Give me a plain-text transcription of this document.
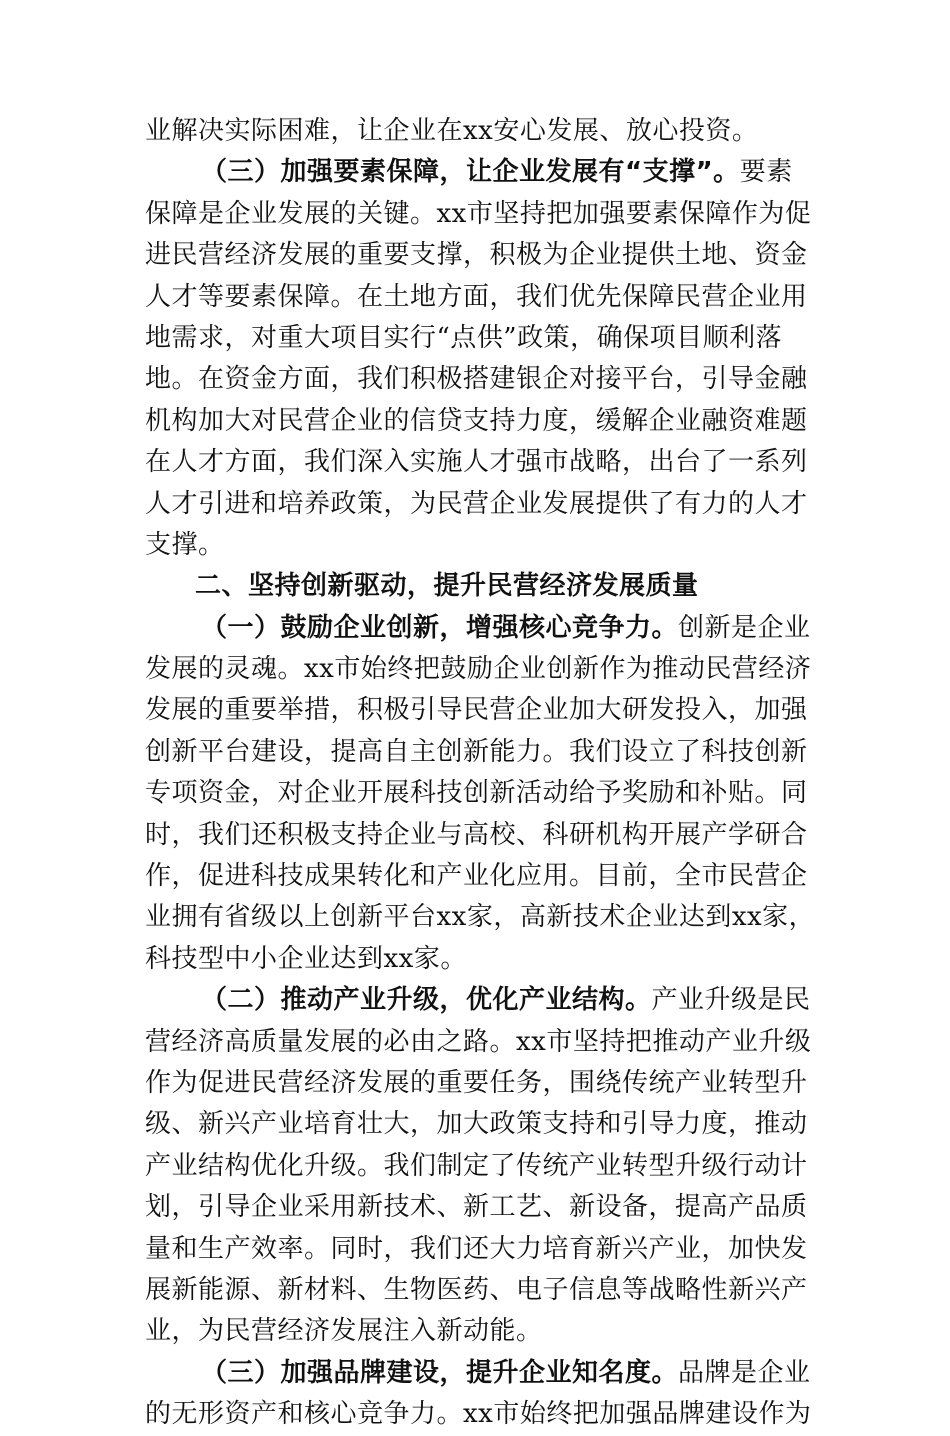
业解决实际困难，让企业在xx安心发展、放心投资。
（三）加强要素保障，让企业发展有“支撑”。要素
保障是企业发展的关键。xx市坚持把加强要素保障作为促
进民营经济发展的重要支撑，积极为企业提供土地、资金
人才等要素保障。在土地方面，我们优先保障民营企业用
地需求，对重大项目实行“点供”政策，确保项目顺利落
地。在资金方面，我们积极搭建银企对接平台，引导金融
机构加大对民营企业的信贷支持力度，缓解企业融资难题
在人才方面，我们深入实施人才强市战略，出台了一系列
人才引进和培养政策，为民营企业发展提供了有力的人才
支撑。
二、坚持创新驱动，提升民营经济发展质量
（一）鼓励企业创新，增强核心竞争力。创新是企业
发展的灵魂。xx市始终把鼓励企业创新作为推动民营经济
发展的重要举措，积极引导民营企业加大研发投入，加强
创新平台建设，提高自主创新能力。我们设立了科技创新
专项资金，对企业开展科技创新活动给予奖励和补贴。同
时，我们还积极支持企业与高校、科研机构开展产学研合
作，促进科技成果转化和产业化应用。目前，全市民营企
业拥有省级以上创新平台xx家，高新技术企业达到xx家，
科技型中小企业达到xx家。
（二）推动产业升级，优化产业结构。产业升级是民
营经济高质量发展的必由之路。xx市坚持把推动产业升级
作为促进民营经济发展的重要任务，围绕传统产业转型升
级、新兴产业培育壮大，加大政策支持和引导力度，推动
产业结构优化升级。我们制定了传统产业转型升级行动计
划，引导企业采用新技术、新工艺、新设备，提高产品质
量和生产效率。同时，我们还大力培育新兴产业，加快发
展新能源、新材料、生物医药、电子信息等战略性新兴产
业，为民营经济发展注入新动能。
（三）加强品牌建设，提升企业知名度。品牌是企业
的无形资产和核心竞争力。xx市始终把加强品牌建设作为
